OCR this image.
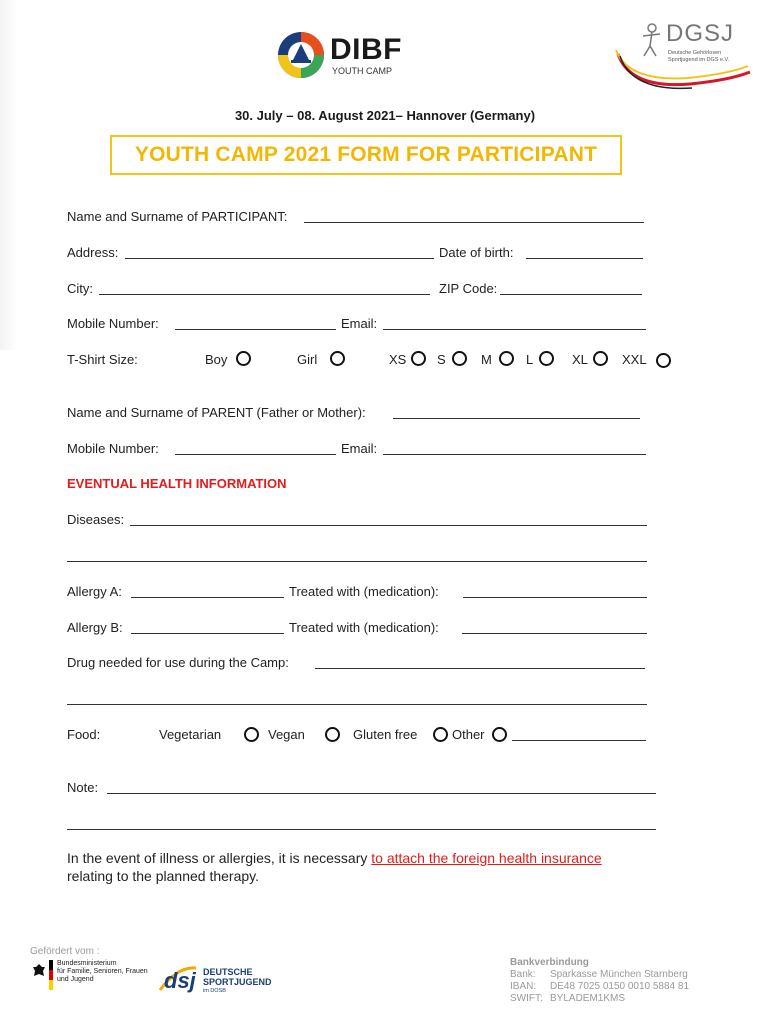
DIBF
YOUTH CAMP
DGSJ
Deutsche Gehörlosen
Sportjugend im DGS e.V.
30. July – 08. August 2021– Hannover (Germany)
YOUTH CAMP 2021 FORM FOR PARTICIPANT
Name and Surname of PARTICIPANT:
Address:	Date of birth:
City:	ZIP Code:
Mobile Number:	Email:
T-Shirt Size:	Boy	Girl	XS S	M	L	XL	XXL
Name and Surname of PARENT (Father or Mother):
Mobile Number:	Email:
EVENTUAL HEALTH INFORMATION
Diseases:
Allergy A:	Treated with (medication):
Allergy B:	Treated with (medication):
Drug needed for use during the Camp:
Food:	Vegetarian	Vegan	Gluten free	Other
Note:
In the event of illness or allergies, it is necessary to attach the foreign health insurance
relating to the planned therapy.
Gefördert vom :
Bundesministerium
für Familie, Senioren, Frauen
und Jugend	dsj DEUTSCHE
SPORTJUGEND
im DOSB
Bankverbindung
Bank: Sparkasse München Starnberg
IBAN: DE48 7025 0150 0010 5884 81
SWIFT: BYLADEM1KMS
